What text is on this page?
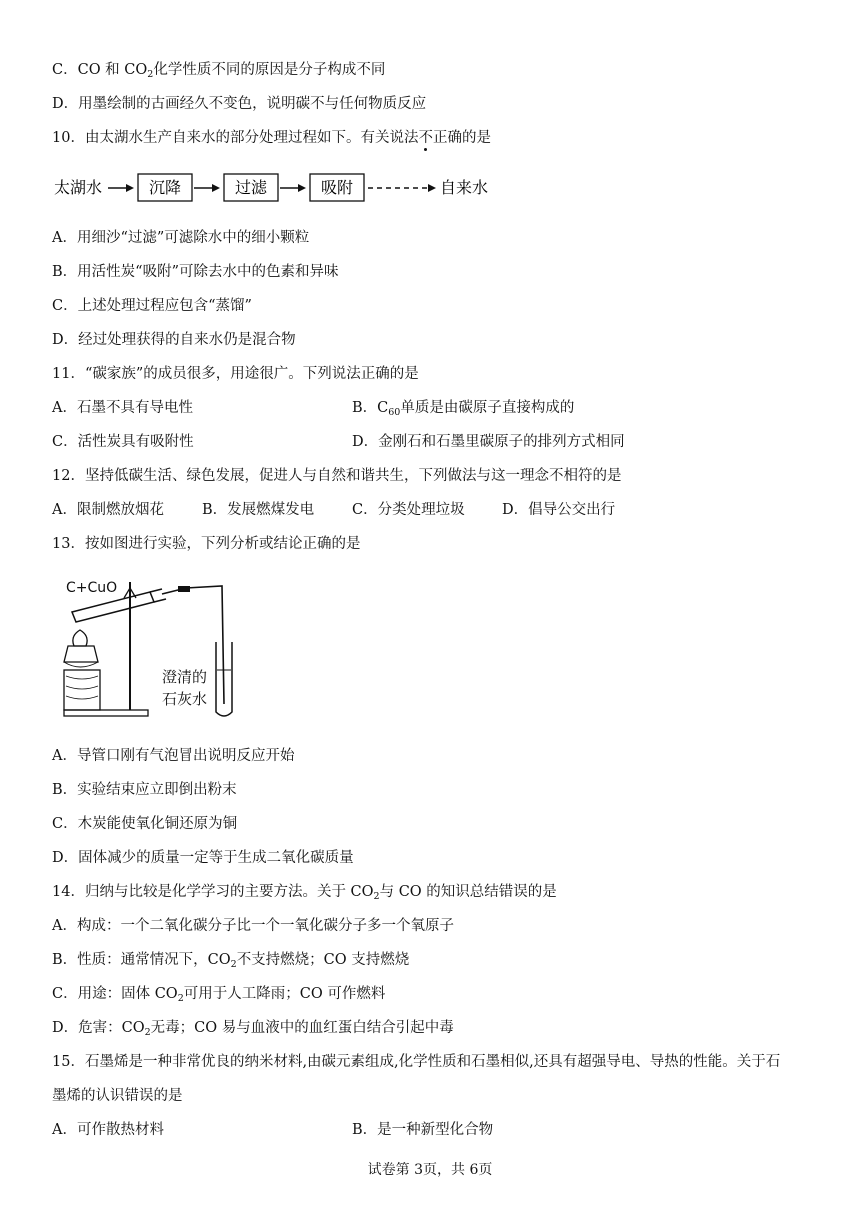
C．CO 和 $CO_2$化学性质不同的原因是分子构成不同
D．用墨绘制的古画经久不变色，说明碳不与任何物质反应
10．由太湖水生产自来水的部分处理过程如下。有关说法不正确的是
太湖水	沉降	过滤	吸附	自来水
A．用细沙“过滤”可滤除水中的细小颗粒
B．用活性炭“吸附”可除去水中的色素和异味
C．上述处理过程应包含“蒸馏”
D．经过处理获得的自来水仍是混合物
11．“碳家族”的成员很多，用途很广。下列说法正确的是
A．石墨不具有导电性	B．$C_{60}$单质是由碳原子直接构成的
C．活性炭具有吸附性	D．金刚石和石墨里碳原子的排列方式相同
12．坚持低碳生活、绿色发展，促进人与自然和谐共生，下列做法与这一理念不相符的是
A．限制燃放烟花	B．发展燃煤发电	C．分类处理垃圾	D．倡导公交出行
13．按如图进行实验，下列分析或结论正确的是
C+CuO
澄清的
石灰水
A．导管口刚有气泡冒出说明反应开始
B．实验结束应立即倒出粉末
C．木炭能使氧化铜还原为铜
D．固体减少的质量一定等于生成二氧化碳质量
14．归纳与比较是化学学习的主要方法。关于 $CO_2$与 CO 的知识总结错误的是
A．构成：一个二氧化碳分子比一个一氧化碳分子多一个氧原子
B．性质：通常情况下，$CO_2$不支持燃烧；CO 支持燃烧
C．用途：固体 $CO_2$可用于人工降雨；CO 可作燃料
D．危害：$CO_2$无毒；CO 易与血液中的血红蛋白结合引起中毒
15．石墨烯是一种非常优良的纳米材料,由碳元素组成,化学性质和石墨相似,还具有超强导电、导热的性能。关于石
墨烯的认识错误的是
A．可作散热材料	B．是一种新型化合物
试卷第 3页，共 6页
